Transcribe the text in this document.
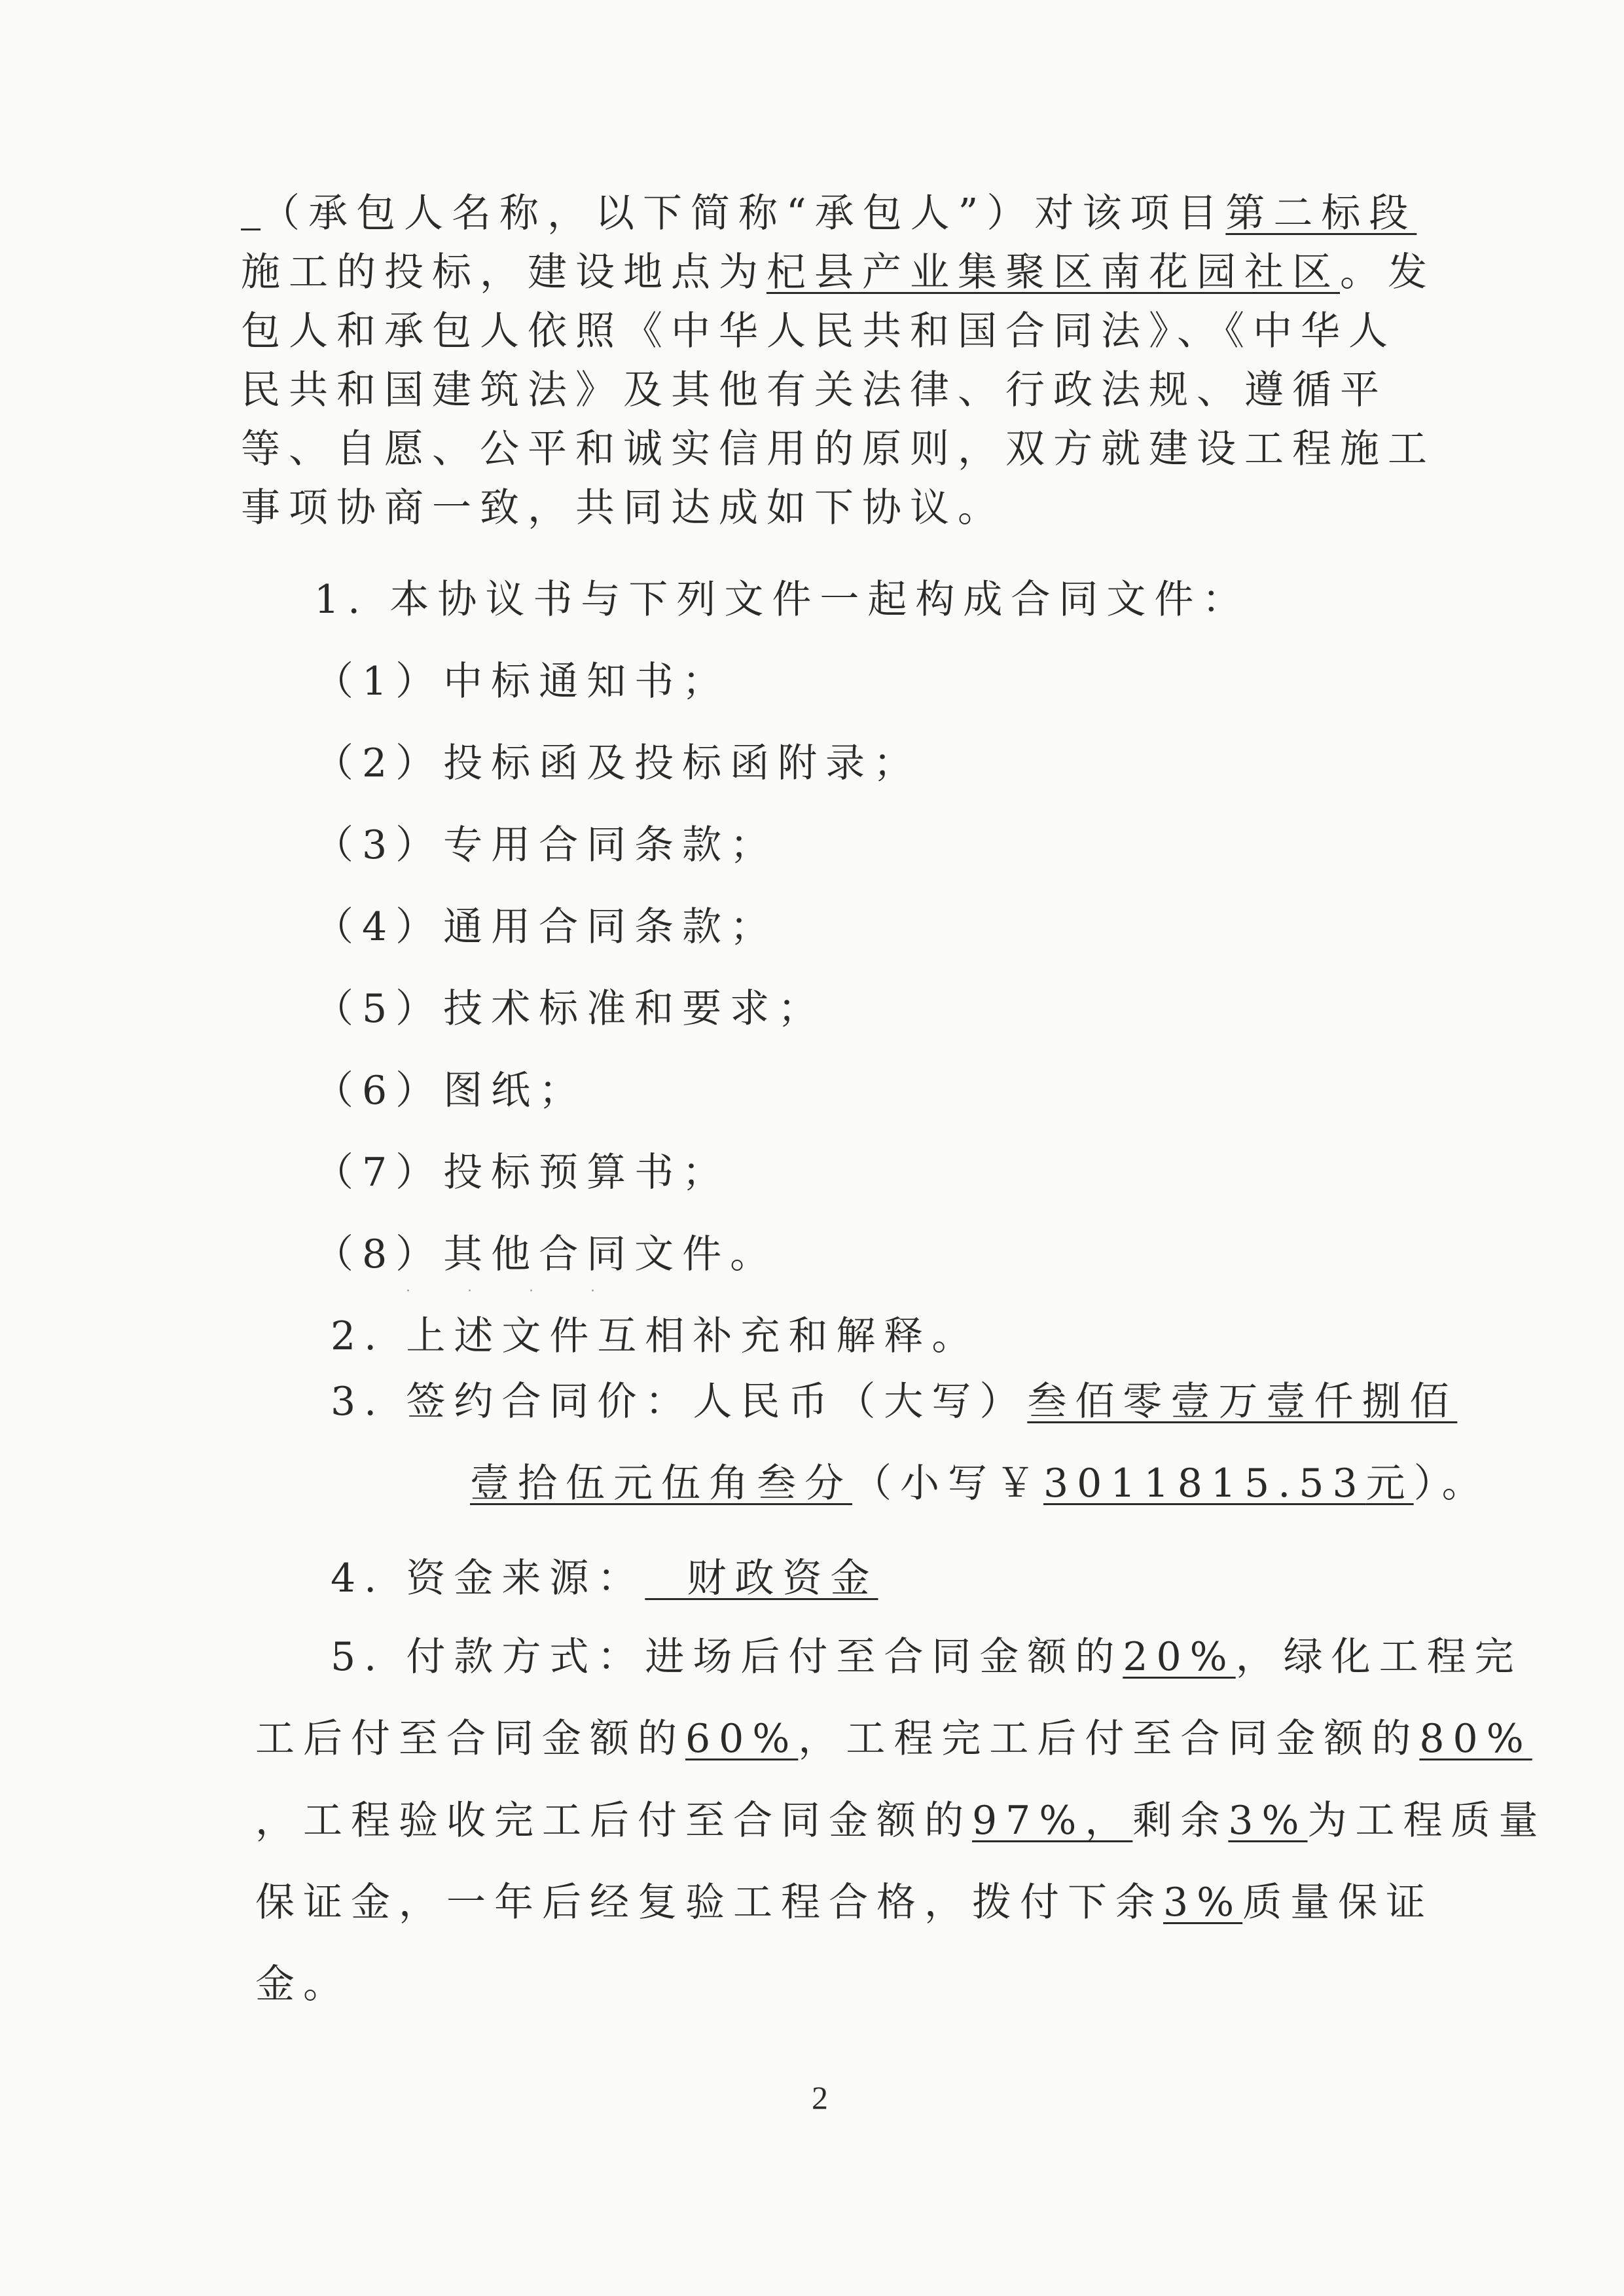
（承包人名称，以下简称“承包人”）对该项目第二标段
施工的投标，建设地点为杞县产业集聚区南花园社区。发
包人和承包人依照《中华人民共和国合同法》、《中华人
民共和国建筑法》及其他有关法律、行政法规、遵循平
等、自愿、公平和诚实信用的原则，双方就建设工程施工
事项协商一致，共同达成如下协议。
1. 本协议书与下列文件一起构成合同文件：
（1）中标通知书；
（2）投标函及投标函附录；
（3）专用合同条款；
（4）通用合同条款；
（5）技术标准和要求；
（6）图纸；
（7）投标预算书；
（8）其他合同文件。
· · · ·
2. 上述文件互相补充和解释。
3. 签约合同价：人民币（大写）叁佰零壹万壹仟捌佰
壹拾伍元伍角叁分（小写￥3011815.53元）。
4. 资金来源：  财政资金
5. 付款方式：进场后付至合同金额的20%，绿化工程完
工后付至合同金额的60%，工程完工后付至合同金额的80%
，工程验收完工后付至合同金额的97%，剩余3%为工程质量
保证金，一年后经复验工程合格，拨付下余3%质量保证
金。
2
